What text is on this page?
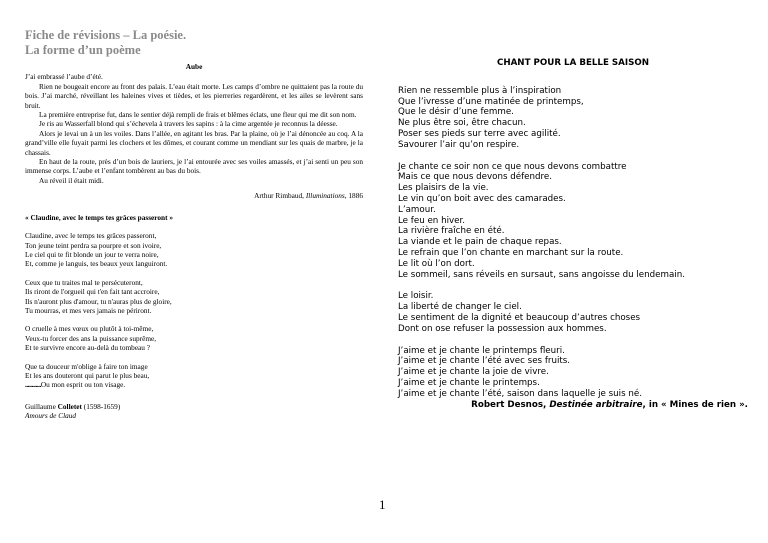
Fiche de révisions – La poésie.
La forme d’un poème
Aube

J’ai embrassé l’aube d’été.

Rien ne bougeait encore au front des palais. L’eau était morte. Les camps d’ombre ne quittaient pas la route du bois. J’ai marché, réveillant les haleines vives et tièdes, et les pierreries regardèrent, et les ailes se levèrent sans bruit.

La première entreprise fut, dans le sentier déjà rempli de frais et blêmes éclats, une fleur qui me dit son nom.

Je ris au Wasserfall blond qui s’échevela à travers les sapins : à la cime argentée je reconnus la déesse.

Alors je levai un à un les voiles. Dans l’allée, en agitant les bras. Par la plaine, où je l’ai dénoncée au coq. A la grand’ville elle fuyait parmi les clochers et les dômes, et courant comme un mendiant sur les quais de marbre, je la chassais.

En haut de la route, près d’un bois de lauriers, je l’ai entourée avec ses voiles amassés, et j’ai senti un peu son immense corps. L’aube et l’enfant tombèrent au bas du bois.

Au réveil il était midi.

Arthur Rimbaud, Illuminations, 1886
« Claudine, avec le temps tes grâces passeront »
Claudine, avec le temps tes grâces passeront,
Ton jeune teint perdra sa pourpre et son ivoire,
Le ciel qui te fit blonde un jour te verra noire,
Et, comme je languis, tes beaux yeux languiront.
Ceux que tu traites mal te persécuteront,
Ils riront de l'orgueil qui t'en fait tant accroire,
Ils n'auront plus d'amour, tu n'auras plus de gloire,
Tu mourras, et mes vers jamais ne périront.
O cruelle à mes vœux ou plutôt à toi-même,
Veux-tu forcer des ans la puissance suprême,
Et te survivre encore au-delà du tombeau ?
Que ta douceur m'oblige à faire ton image
Et les ans douteront qui parut le plus beau,
............Ou mon esprit ou ton visage.
Guillaume Colletet (1598-1659)
Amours de Claud
CHANT POUR LA BELLE SAISON
Rien ne ressemble plus à l’inspiration
Que l’ivresse d’une matinée de printemps,
Que le désir d’une femme.
Ne plus être soi, être chacun.
Poser ses pieds sur terre avec agilité.
Savourer l’air qu’on respire.
Je chante ce soir non ce que nous devons combattre
Mais ce que nous devons défendre.
Les plaisirs de la vie.
Le vin qu’on boit avec des camarades.
L’amour.
Le feu en hiver.
La rivière fraîche en été.
La viande et le pain de chaque repas.
Le refrain que l’on chante en marchant sur la route.
Le lit où l’on dort.
Le sommeil, sans réveils en sursaut, sans angoisse du lendemain.
Le loisir.
La liberté de changer le ciel.
Le sentiment de la dignité et beaucoup d’autres choses
Dont on ose refuser la possession aux hommes.
J’aime et je chante le printemps fleuri.
J’aime et je chante l’été avec ses fruits.
J’aime et je chante la joie de vivre.
J’aime et je chante le printemps.
J’aime et je chante l’été, saison dans laquelle je suis né.
Robert Desnos, Destinée arbitraire, in « Mines de rien ».
1
